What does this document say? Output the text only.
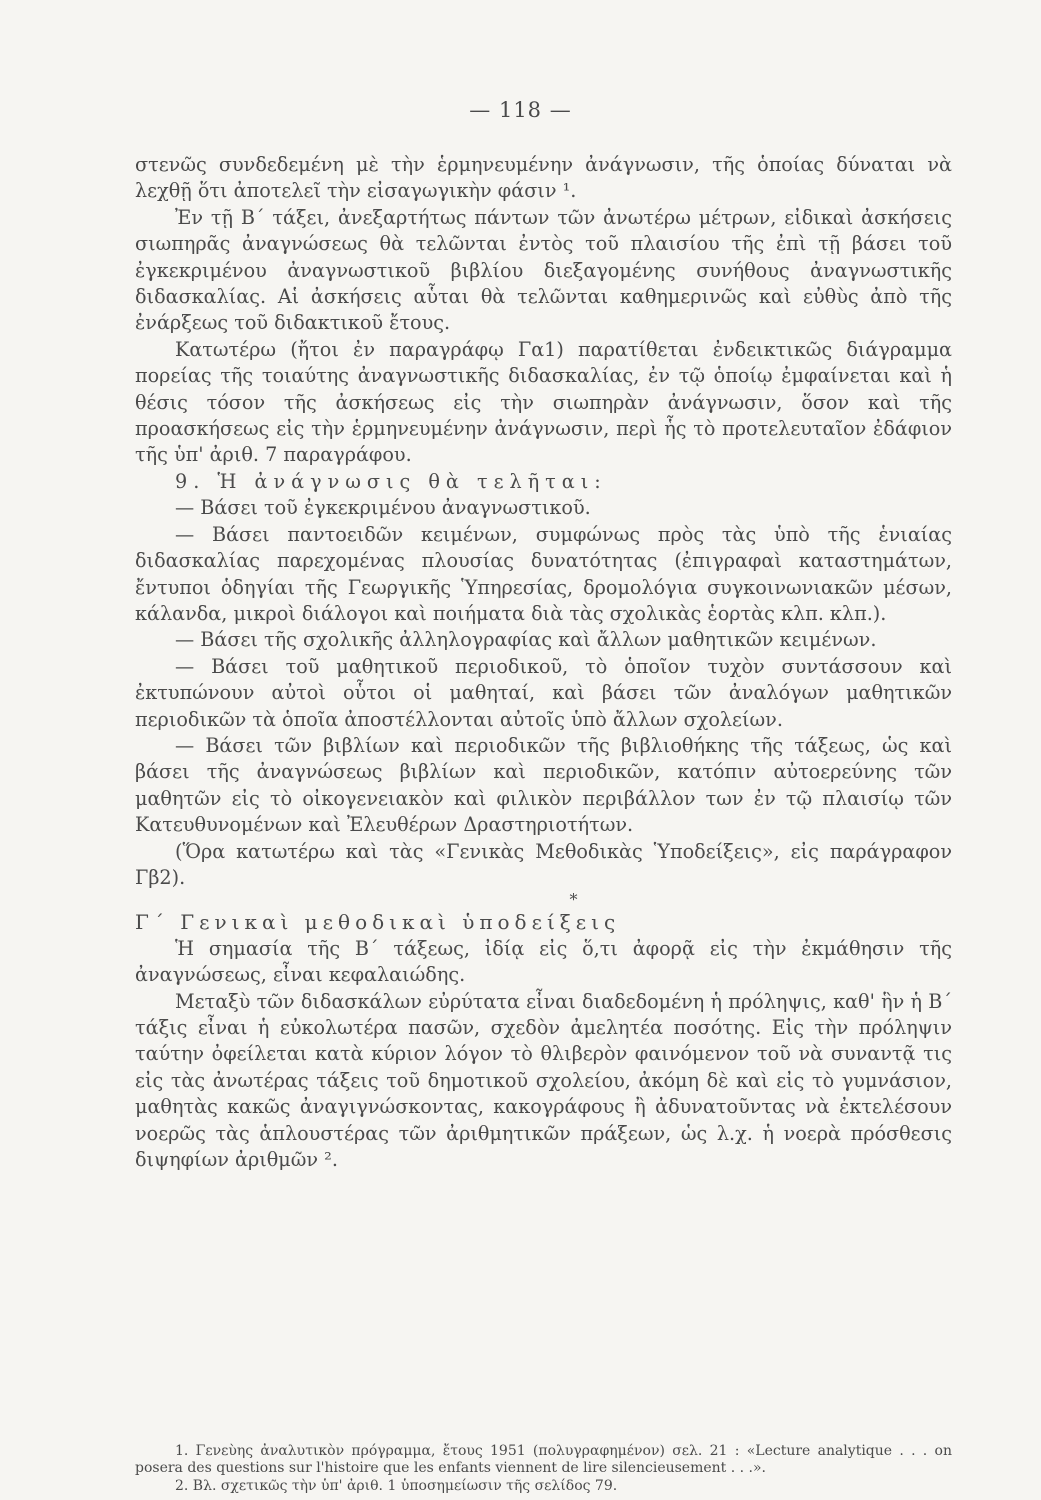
— 118 —

στενῶς συνδεδεμένη μὲ τὴν ἑρμηνευμένην ἀνάγνωσιν, τῆς ὁποίας δύναται νὰ λεχθῇ ὅτι ἀποτελεῖ τὴν εἰσαγωγικὴν φάσιν ¹.

Ἐν τῇ Β΄ τάξει, ἀνεξαρτήτως πάντων τῶν ἀνωτέρω μέτρων, εἰδικαὶ ἀσκήσεις σιωπηρᾶς ἀναγνώσεως θὰ τελῶνται ἐντὸς τοῦ πλαισίου τῆς ἐπὶ τῇ βάσει τοῦ ἐγκεκριμένου ἀναγνωστικοῦ βιβλίου διεξαγομένης συνήθους ἀναγνωστικῆς διδασκαλίας. Αἱ ἀσκήσεις αὗται θὰ τελῶνται καθημερινῶς καὶ εὐθὺς ἀπὸ τῆς ἐνάρξεως τοῦ διδακτικοῦ ἔτους.

Κατωτέρω (ἤτοι ἐν παραγράφῳ Γα1) παρατίθεται ἐνδεικτικῶς διάγραμμα πορείας τῆς τοιαύτης ἀναγνωστικῆς διδασκαλίας, ἐν τῷ ὁποίῳ ἐμφαίνεται καὶ ἡ θέσις τόσον τῆς ἀσκήσεως εἰς τὴν σιωπηρὰν ἀνάγνωσιν, ὅσον καὶ τῆς προασκήσεως εἰς τὴν ἑρμηνευμένην ἀνάγνωσιν, περὶ ἧς τὸ προτελευταῖον ἐδάφιον τῆς ὑπ' ἀριθ. 7 παραγράφου.

9. Ἡ ἀνάγνωσις θὰ τελῆται:

— Βάσει τοῦ ἐγκεκριμένου ἀναγνωστικοῦ.

— Βάσει παντοειδῶν κειμένων, συμφώνως πρὸς τὰς ὑπὸ τῆς ἑνιαίας διδασκαλίας παρεχομένας πλουσίας δυνατότητας (ἐπιγραφαὶ καταστημάτων, ἔντυποι ὁδηγίαι τῆς Γεωργικῆς Ὑπηρεσίας, δρομολόγια συγκοινωνιακῶν μέσων, κάλανδα, μικροὶ διάλογοι καὶ ποιήματα διὰ τὰς σχολικὰς ἑορτὰς κλπ. κλπ.).

— Βάσει τῆς σχολικῆς ἀλληλογραφίας καὶ ἄλλων μαθητικῶν κειμένων.

— Βάσει τοῦ μαθητικοῦ περιοδικοῦ, τὸ ὁποῖον τυχὸν συντάσσουν καὶ ἐκτυπώνουν αὐτοὶ οὗτοι οἱ μαθηταί, καὶ βάσει τῶν ἀναλόγων μαθητικῶν περιοδικῶν τὰ ὁποῖα ἀποστέλλονται αὐτοῖς ὑπὸ ἄλλων σχολείων.

— Βάσει τῶν βιβλίων καὶ περιοδικῶν τῆς βιβλιοθήκης τῆς τάξεως, ὡς καὶ βάσει τῆς ἀναγνώσεως βιβλίων καὶ περιοδικῶν, κατόπιν αὐτοερεύνης τῶν μαθητῶν εἰς τὸ οἰκογενειακὸν καὶ φιλικὸν περιβάλλον των ἐν τῷ πλαισίῳ τῶν Κατευθυνομένων καὶ Ἐλευθέρων Δραστηριοτήτων.

(Ὅρα κατωτέρω καὶ τὰς «Γενικὰς Μεθοδικὰς Ὑποδείξεις», εἰς παράγραφον Γβ2).

*

Γ΄ Γενικαὶ μεθοδικαὶ ὑποδείξεις

Ἡ σημασία τῆς Β΄ τάξεως, ἰδίᾳ εἰς ὅ,τι ἀφορᾷ εἰς τὴν ἐκμάθησιν τῆς ἀναγνώσεως, εἶναι κεφαλαιώδης.

Μεταξὺ τῶν διδασκάλων εὐρύτατα εἶναι διαδεδομένη ἡ πρόληψις, καθ' ἣν ἡ Β΄ τάξις εἶναι ἡ εὐκολωτέρα πασῶν, σχεδὸν ἀμελητέα ποσότης. Εἰς τὴν πρόληψιν ταύτην ὀφείλεται κατὰ κύριον λόγον τὸ θλιβερὸν φαινόμενον τοῦ νὰ συναντᾷ τις εἰς τὰς ἀνωτέρας τάξεις τοῦ δημοτικοῦ σχολείου, ἀκόμη δὲ καὶ εἰς τὸ γυμνάσιον, μαθητὰς κακῶς ἀναγιγνώσκοντας, κακογράφους ἢ ἀδυνατοῦντας νὰ ἐκτελέσουν νοερῶς τὰς ἁπλουστέρας τῶν ἀριθμητικῶν πράξεων, ὡς λ.χ. ἡ νοερὰ πρόσθεσις διψηφίων ἀριθμῶν ².

1. Γενεὺης ἀναλυτικὸν πρόγραμμα, ἔτους 1951 (πολυγραφημένον) σελ. 21 : «Lecture analytique . . . on posera des questions sur l'histoire que les enfants viennent de lire silencieusement . . .».

2. Βλ. σχετικῶς τὴν ὑπ' ἀριθ. 1 ὑποσημείωσιν τῆς σελίδος 79.
